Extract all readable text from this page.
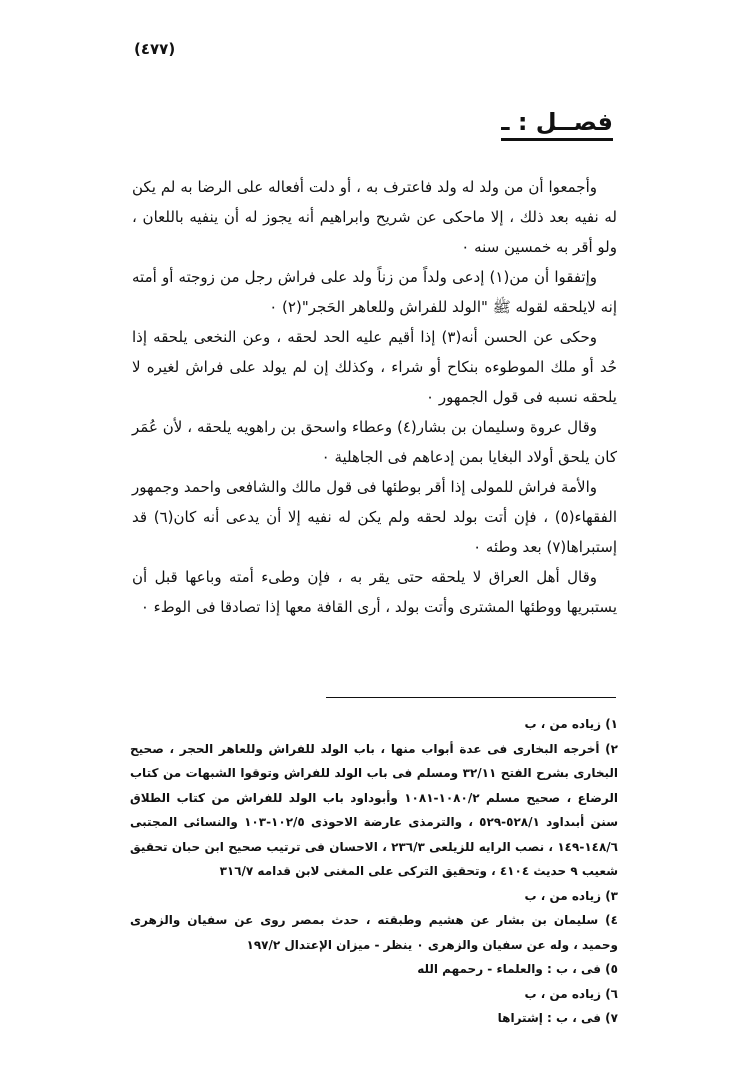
(٤٧٧)
فصــل : ـ

وأجمعوا أن من ولد له ولد فاعترف به ، أو دلت أفعاله على الرضا به لم يكن له نفيه بعد ذلك ، إلا ماحكى عن شريح وابراهيم أنه يجوز له أن ينفيه باللعان ، ولو أقر به خمسين سنه ٠

وإتفقوا أن من(١) إدعى ولداً من زناً ولد على فراش رجل من زوجته أو أمته إنه لايلحقه لقوله ﷺ "الولد للفراش وللعاهر الحَجر"(٢) ٠

وحكى عن الحسن أنه(٣) إذا أقيم عليه الحد لحقه ، وعن النخعى يلحقه إذا حُد أو ملك الموطوءه بنكاح أو شراء ، وكذلك إن لم يولد على فراش لغيره لا يلحقه نسبه فى قول الجمهور ٠

وقال عروة وسليمان بن بشار(٤) وعطاء واسحق بن راهويه يلحقه ، لأن عُمَر كان يلحق أولاد البغايا بمن إدعاهم فى الجاهلية ٠

والأمة فراش للمولى إذا أقر بوطئها فى قول مالك والشافعى واحمد وجمهور الفقهاء(٥) ، فإن أتت بولد لحقه ولم يكن له نفيه إلا أن يدعى أنه كان(٦) قد إستبراها(٧) بعد وطئه ٠

وقال أهل العراق لا يلحقه حتى يقر به ، فإن وطىء أمته وباعها قبل أن يستبريها ووطئها المشترى وأتت بولد ، أرى القافة معها إذا تصادقا فى الوطء ٠

١) زياده من ، ب

٢) أخرجه البخارى فى عدة أبواب منها ، باب الولد للفراش وللعاهر الحجر ، صحيح البخارى بشرح الفتح ٣٢/١١ ومسلم فى باب الولد للفراش وتوقوا الشبهات من كتاب الرضاع ، صحيح مسلم ١٠٨٠/٢-١٠٨١ وأبوداود باب الولد للفراش من كتاب الطلاق سنن أبىداود ٥٢٨/١-٥٢٩ ، والترمذى عارضة الاحوذى ١٠٢/٥-١٠٣ والنسائى المجتبى ١٤٨/٦-١٤٩ ، نصب الرايه للزيلعى ٢٣٦/٣ ، الاحسان فى ترتيب صحيح ابن حبان تحقيق شعيب ٩ حديث ٤١٠٤ ، وتحقيق التركى على المغنى لابن قدامه ٣١٦/٧

٣) زياده من ، ب

٤) سليمان بن بشار عن هشيم وطبقته ، حدث بمصر روى عن سفيان والزهرى وحميد ، وله عن سفيان والزهرى ٠ ينظر - ميزان الإعتدال ١٩٧/٢

٥) فى ، ب : والعلماء - رحمهم الله

٦) زياده من ، ب

٧) فى ، ب : إشتراها
